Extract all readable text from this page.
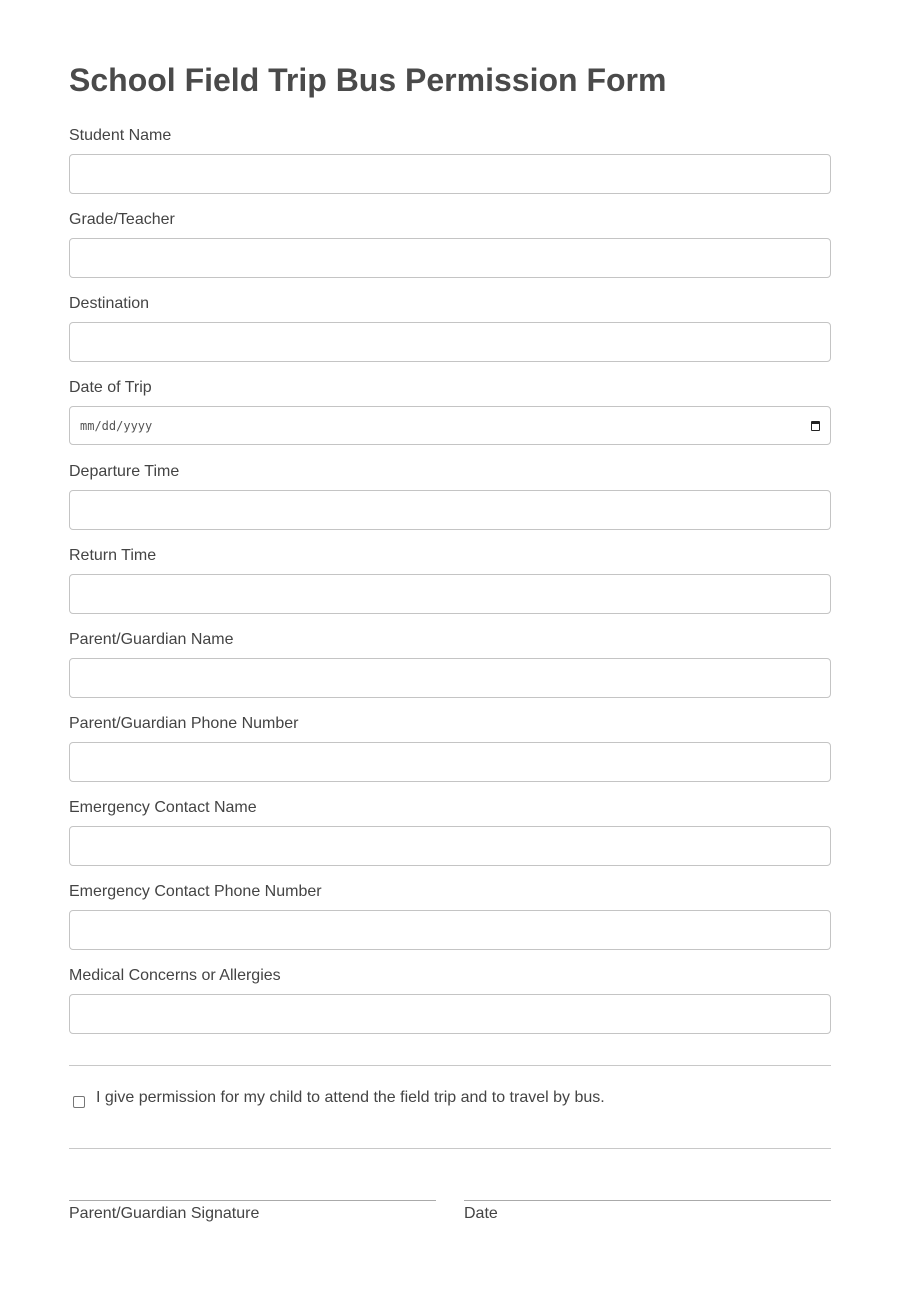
School Field Trip Bus Permission Form
Student Name
Grade/Teacher
Destination
Date of Trip
mm/dd/yyyy
Departure Time
Return Time
Parent/Guardian Name
Parent/Guardian Phone Number
Emergency Contact Name
Emergency Contact Phone Number
Medical Concerns or Allergies
I give permission for my child to attend the field trip and to travel by bus.
Parent/Guardian Signature	Date
